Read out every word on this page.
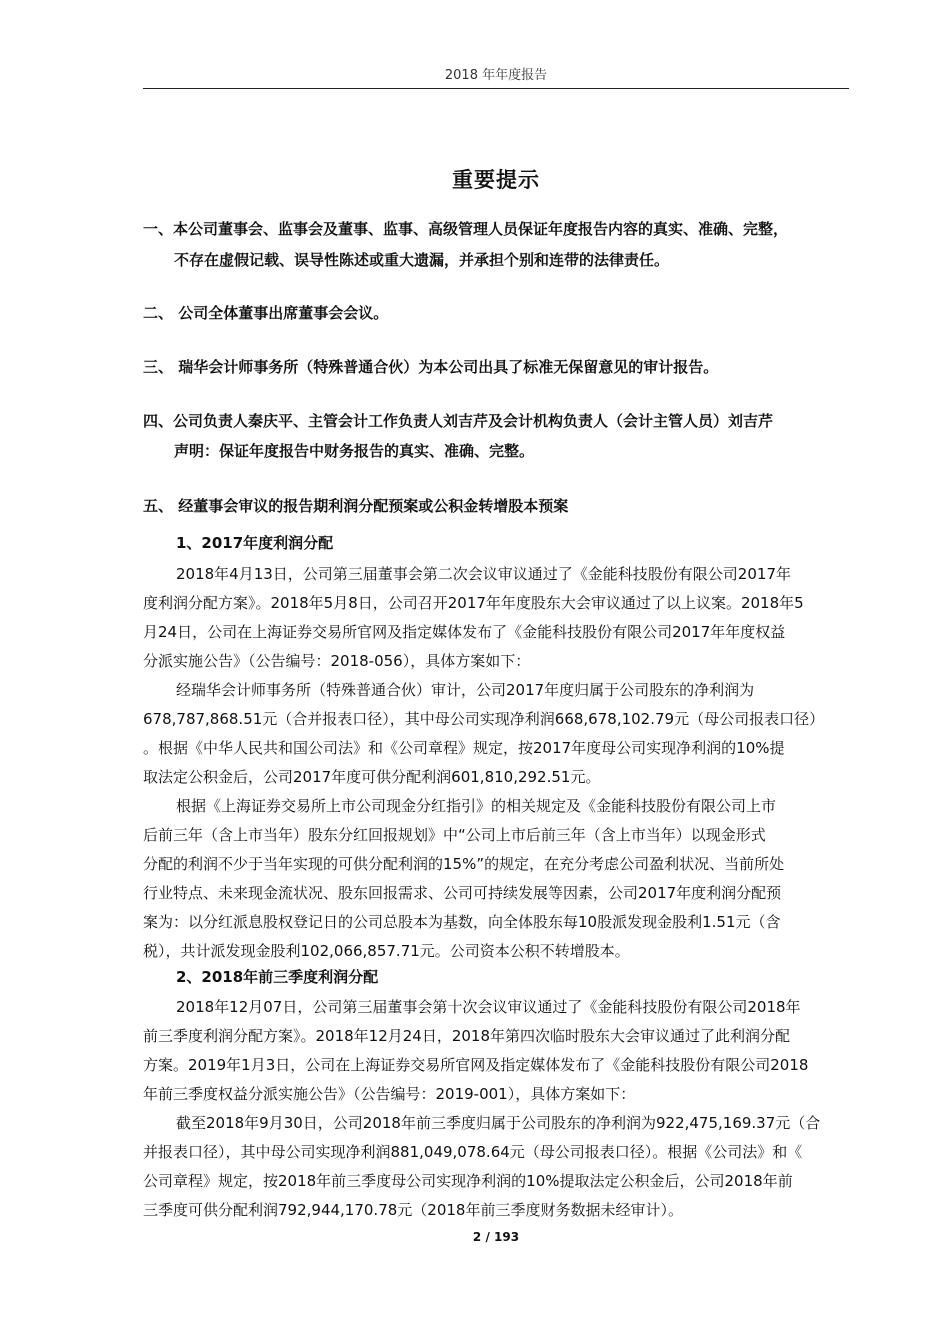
2018 年年度报告
重要提示
一、本公司董事会、监事会及董事、监事、高级管理人员保证年度报告内容的真实、准确、完整，
不存在虚假记载、误导性陈述或重大遗漏，并承担个别和连带的法律责任。
二、 公司全体董事出席董事会会议。
三、 瑞华会计师事务所（特殊普通合伙）为本公司出具了标准无保留意见的审计报告。
四、公司负责人秦庆平、主管会计工作负责人刘吉芹及会计机构负责人（会计主管人员）刘吉芹
声明：保证年度报告中财务报告的真实、准确、完整。
五、 经董事会审议的报告期利润分配预案或公积金转增股本预案
1、2017年度利润分配
2018年4月13日，公司第三届董事会第二次会议审议通过了《金能科技股份有限公司2017年
度利润分配方案》。2018年5月8日，公司召开2017年年度股东大会审议通过了以上议案。2018年5
月24日，公司在上海证券交易所官网及指定媒体发布了《金能科技股份有限公司2017年年度权益
分派实施公告》（公告编号：2018-056），具体方案如下：
经瑞华会计师事务所（特殊普通合伙）审计，公司2017年度归属于公司股东的净利润为
678,787,868.51元（合并报表口径），其中母公司实现净利润668,678,102.79元（母公司报表口径）
。根据《中华人民共和国公司法》和《公司章程》规定，按2017年度母公司实现净利润的10%提
取法定公积金后，公司2017年度可供分配利润601,810,292.51元。
根据《上海证券交易所上市公司现金分红指引》的相关规定及《金能科技股份有限公司上市
后前三年（含上市当年）股东分红回报规划》中“公司上市后前三年（含上市当年）以现金形式
分配的利润不少于当年实现的可供分配利润的15%”的规定，在充分考虑公司盈利状况、当前所处
行业特点、未来现金流状况、股东回报需求、公司可持续发展等因素，公司2017年度利润分配预
案为：以分红派息股权登记日的公司总股本为基数，向全体股东每10股派发现金股利1.51元（含
税），共计派发现金股利102,066,857.71元。公司资本公积不转增股本。
2、2018年前三季度利润分配
2018年12月07日，公司第三届董事会第十次会议审议通过了《金能科技股份有限公司2018年
前三季度利润分配方案》。2018年12月24日，2018年第四次临时股东大会审议通过了此利润分配
方案。2019年1月3日，公司在上海证券交易所官网及指定媒体发布了《金能科技股份有限公司2018
年前三季度权益分派实施公告》（公告编号：2019-001），具体方案如下：
截至2018年9月30日，公司2018年前三季度归属于公司股东的净利润为922,475,169.37元（合
并报表口径），其中母公司实现净利润881,049,078.64元（母公司报表口径）。根据《公司法》和《
公司章程》规定，按2018年前三季度母公司实现净利润的10%提取法定公积金后，公司2018年前
三季度可供分配利润792,944,170.78元（2018年前三季度财务数据未经审计）。
2 / 193
